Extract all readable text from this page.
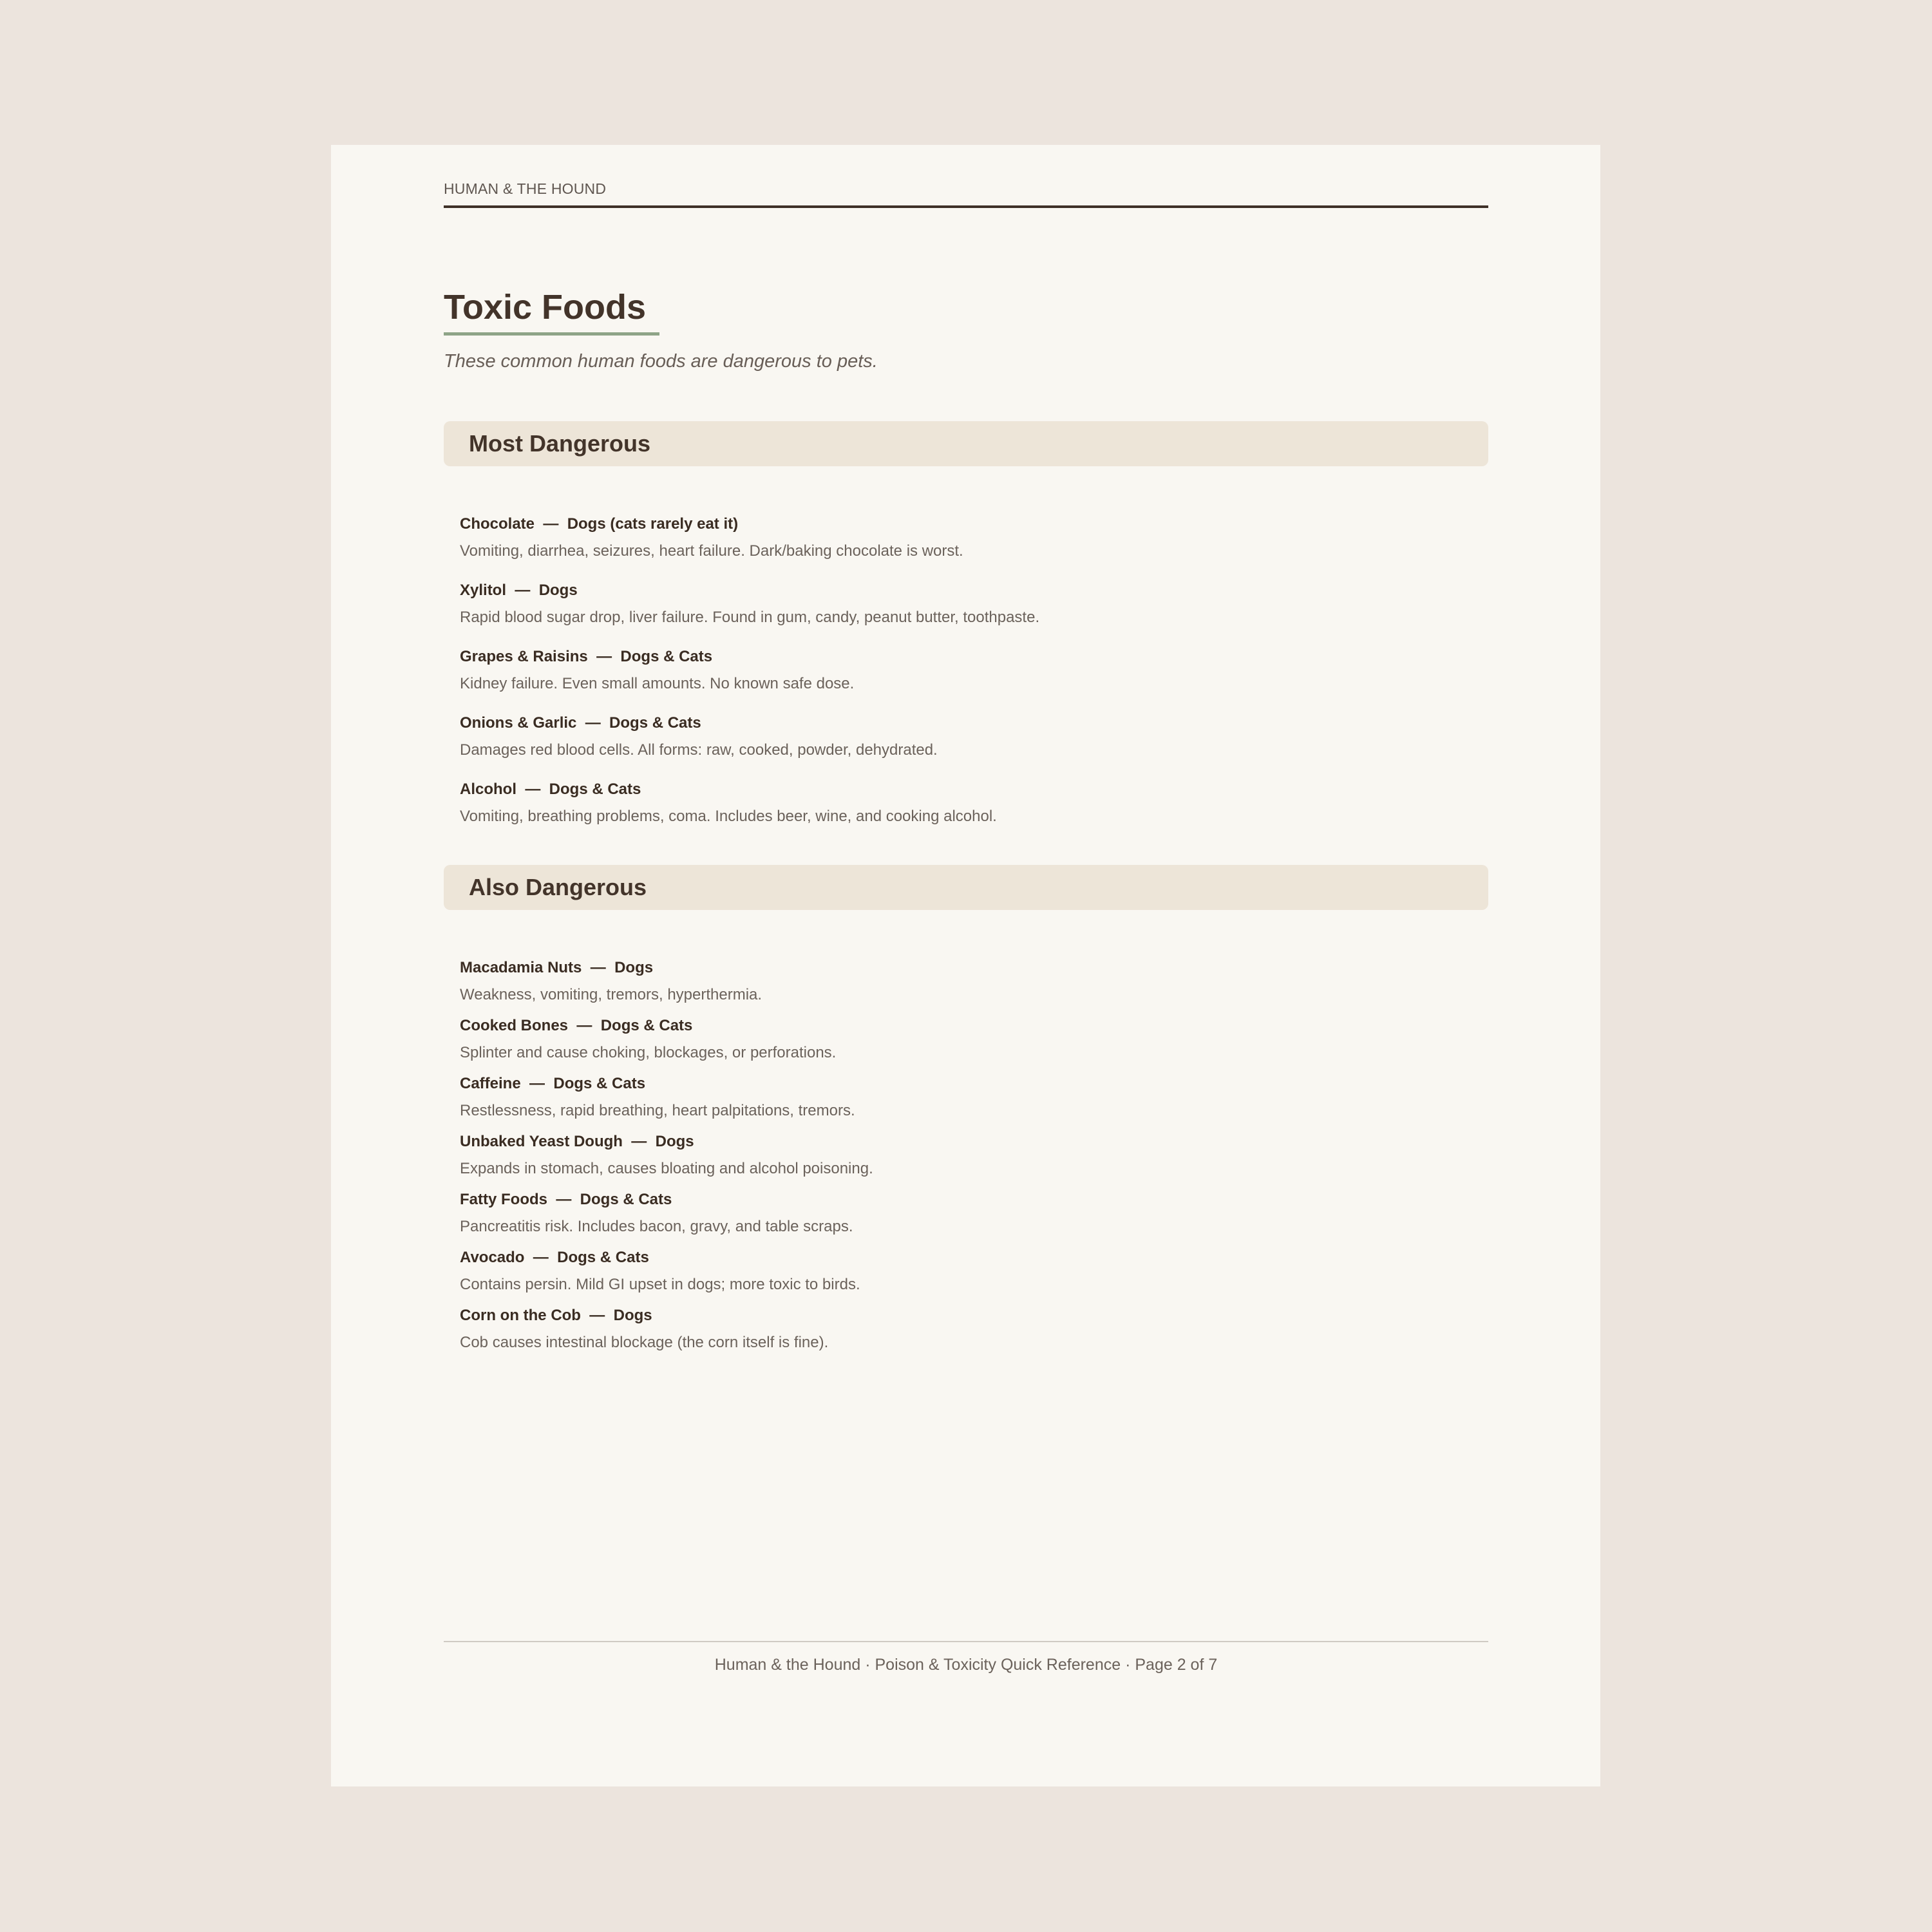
HUMAN & THE HOUND
Toxic Foods
These common human foods are dangerous to pets.
Most Dangerous
Chocolate  —  Dogs (cats rarely eat it)
Vomiting, diarrhea, seizures, heart failure. Dark/baking chocolate is worst.
Xylitol  —  Dogs
Rapid blood sugar drop, liver failure. Found in gum, candy, peanut butter, toothpaste.
Grapes & Raisins  —  Dogs & Cats
Kidney failure. Even small amounts. No known safe dose.
Onions & Garlic  —  Dogs & Cats
Damages red blood cells. All forms: raw, cooked, powder, dehydrated.
Alcohol  —  Dogs & Cats
Vomiting, breathing problems, coma. Includes beer, wine, and cooking alcohol.
Also Dangerous
Macadamia Nuts  —  Dogs
Weakness, vomiting, tremors, hyperthermia.
Cooked Bones  —  Dogs & Cats
Splinter and cause choking, blockages, or perforations.
Caffeine  —  Dogs & Cats
Restlessness, rapid breathing, heart palpitations, tremors.
Unbaked Yeast Dough  —  Dogs
Expands in stomach, causes bloating and alcohol poisoning.
Fatty Foods  —  Dogs & Cats
Pancreatitis risk. Includes bacon, gravy, and table scraps.
Avocado  —  Dogs & Cats
Contains persin. Mild GI upset in dogs; more toxic to birds.
Corn on the Cob  —  Dogs
Cob causes intestinal blockage (the corn itself is fine).
Human & the Hound · Poison & Toxicity Quick Reference · Page 2 of 7
